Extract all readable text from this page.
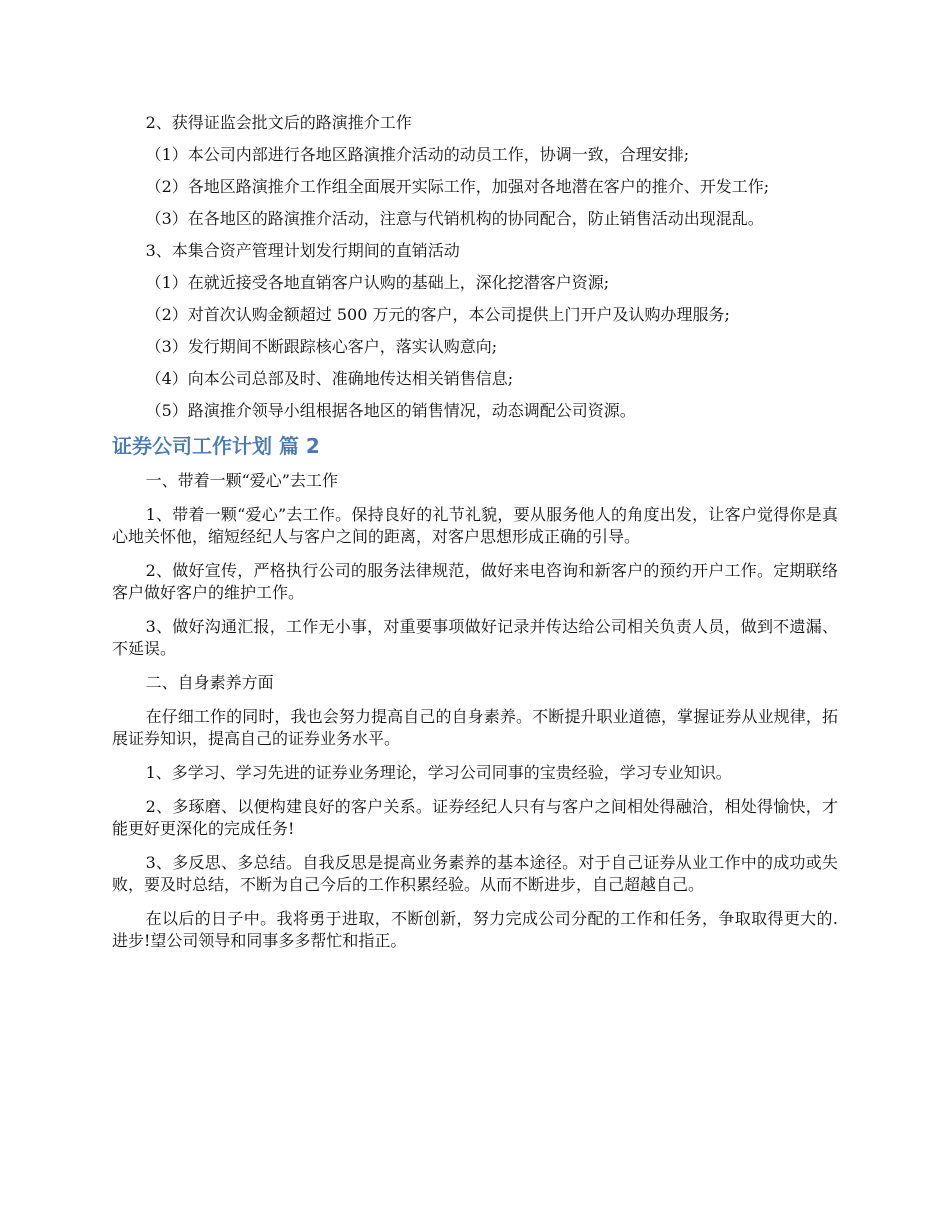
2、获得证监会批文后的路演推介工作

（1）本公司内部进行各地区路演推介活动的动员工作，协调一致，合理安排;

（2）各地区路演推介工作组全面展开实际工作，加强对各地潜在客户的推介、开发工作;

（3）在各地区的路演推介活动，注意与代销机构的协同配合，防止销售活动出现混乱。

3、本集合资产管理计划发行期间的直销活动

（1）在就近接受各地直销客户认购的基础上，深化挖潜客户资源;

（2）对首次认购金额超过 500 万元的客户，本公司提供上门开户及认购办理服务;

（3）发行期间不断跟踪核心客户，落实认购意向;

（4）向本公司总部及时、准确地传达相关销售信息;

（5）路演推介领导小组根据各地区的销售情况，动态调配公司资源。

证券公司工作计划 篇 2

一、带着一颗“爱心”去工作

1、带着一颗“爱心”去工作。保持良好的礼节礼貌，要从服务他人的角度出发，让客户觉得你是真心地关怀他，缩短经纪人与客户之间的距离，对客户思想形成正确的引导。

2、做好宣传，严格执行公司的服务法律规范，做好来电咨询和新客户的预约开户工作。定期联络客户做好客户的维护工作。

3、做好沟通汇报，工作无小事，对重要事项做好记录并传达给公司相关负责人员，做到不遗漏、不延误。

二、自身素养方面

在仔细工作的同时，我也会努力提高自己的自身素养。不断提升职业道德，掌握证券从业规律，拓展证券知识，提高自己的证券业务水平。

1、多学习、学习先进的证券业务理论，学习公司同事的宝贵经验，学习专业知识。

2、多琢磨、以便构建良好的客户关系。证券经纪人只有与客户之间相处得融洽，相处得愉快，才能更好更深化的完成任务!

3、多反思、多总结。自我反思是提高业务素养的基本途径。对于自己证券从业工作中的成功或失败，要及时总结，不断为自己今后的工作积累经验。从而不断进步，自己超越自己。

在以后的日子中。我将勇于进取，不断创新，努力完成公司分配的工作和任务，争取取得更大的.进步!望公司领导和同事多多帮忙和指正。
